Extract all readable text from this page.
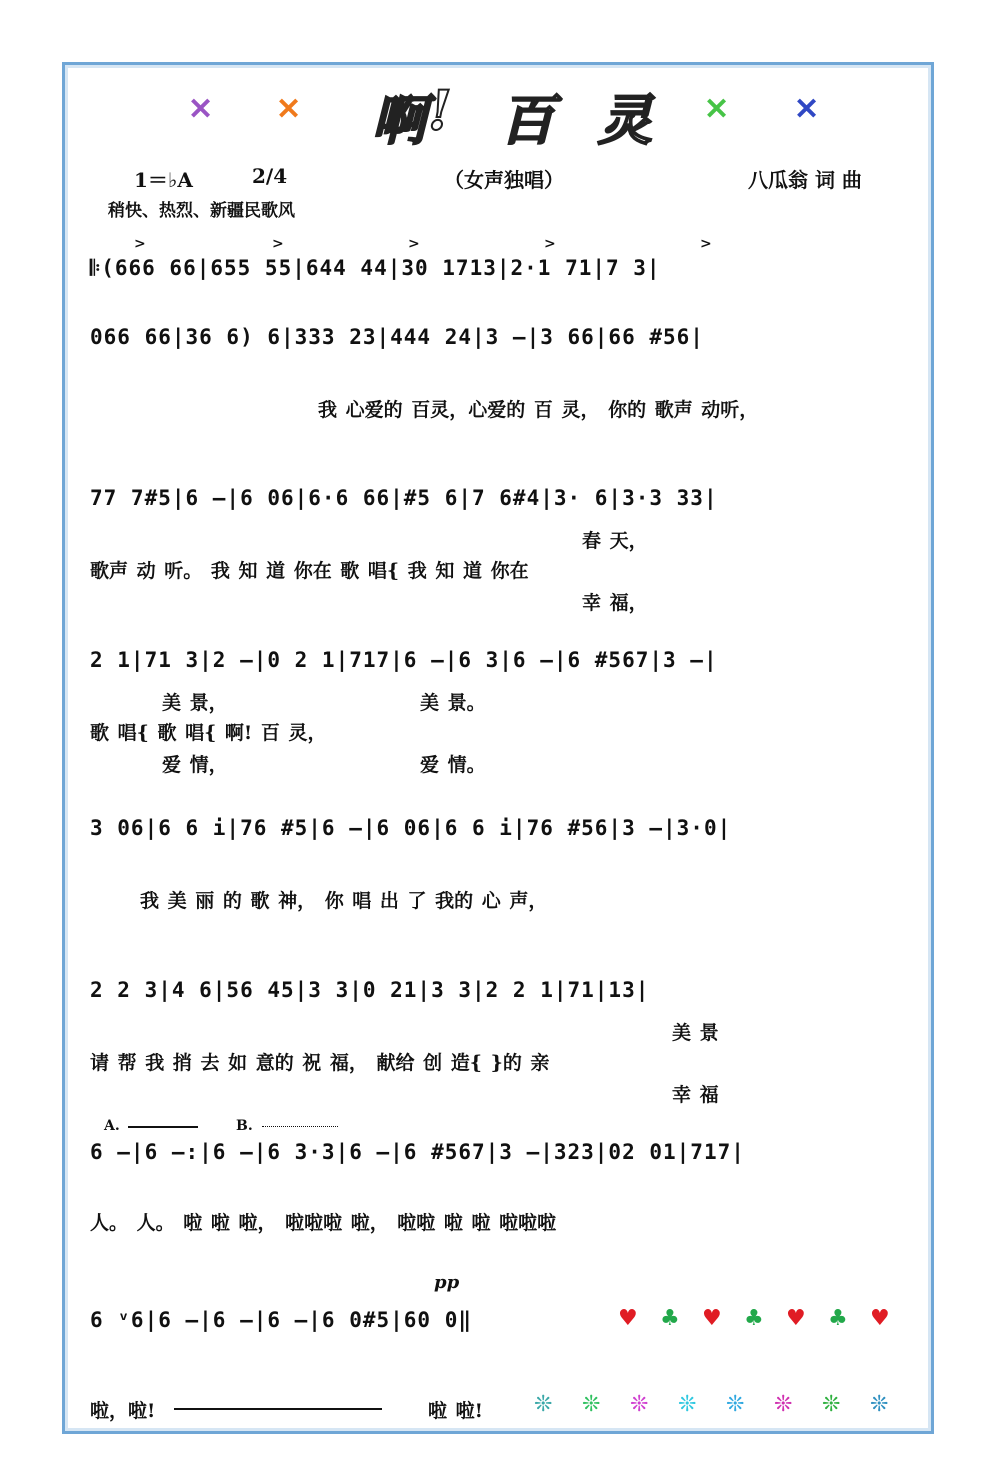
✕ ✕ 啊 ! 百 灵 ✕ ✕
1＝♭A	2/4	（女声独唱）	八瓜翁 词 曲
稍快、热烈、新疆民歌风
>	>	>	>	>
𝄆(666 66|655 55|644 44|30 1713|2·1 71|7 3|
066 66|36 6) 6|333 23|444 24|3 —|3 66|66 #56|
我 心爱的 百灵，心爱的 百 灵， 你的 歌声 动听，
77 7#5|6 —|6 06|6·6 66|#5 6|7 6#4|3· 6|3·3 33|
春 天，
歌声 动 听。 我 知 道 你在 歌 唱{ 我 知 道 你在
幸 福，
2 1|71 3|2 —|0 2 1|717|6 —|6 3|6 —|6 #567|3 —|
美 景，	美 景。
歌 唱{ 歌 唱{ 啊! 百 灵，
爱 情，	爱 情。
3 06|6 6 i|76 #5|6 —|6 06|6 6 i|76 #56|3 —|3·0|
我 美 丽 的 歌 神， 你 唱 出 了 我的 心 声，
2 2 3|4 6|56 45|3 3|0 21|3 3|2 2 1|71|13|
美 景
请 帮 我 捎 去 如 意的 祝 福， 献给 创 造{ }的 亲
幸 福
A.	B.
6 —|6 —:|6 —|6 3·3|6 —|6 #567|3 —|323|02 01|717|
人。 人。 啦 啦 啦， 啦啦啦 啦， 啦啦 啦 啦 啦啦啦
pp
6 ᵛ6|6 —|6 —|6 —|6 0#5|60 0‖	♥ ♣ ♥ ♣ ♥ ♣ ♥
啦，啦!	啦 啦! ❊ ❊ ❊ ❊ ❊ ❊ ❊ ❊
